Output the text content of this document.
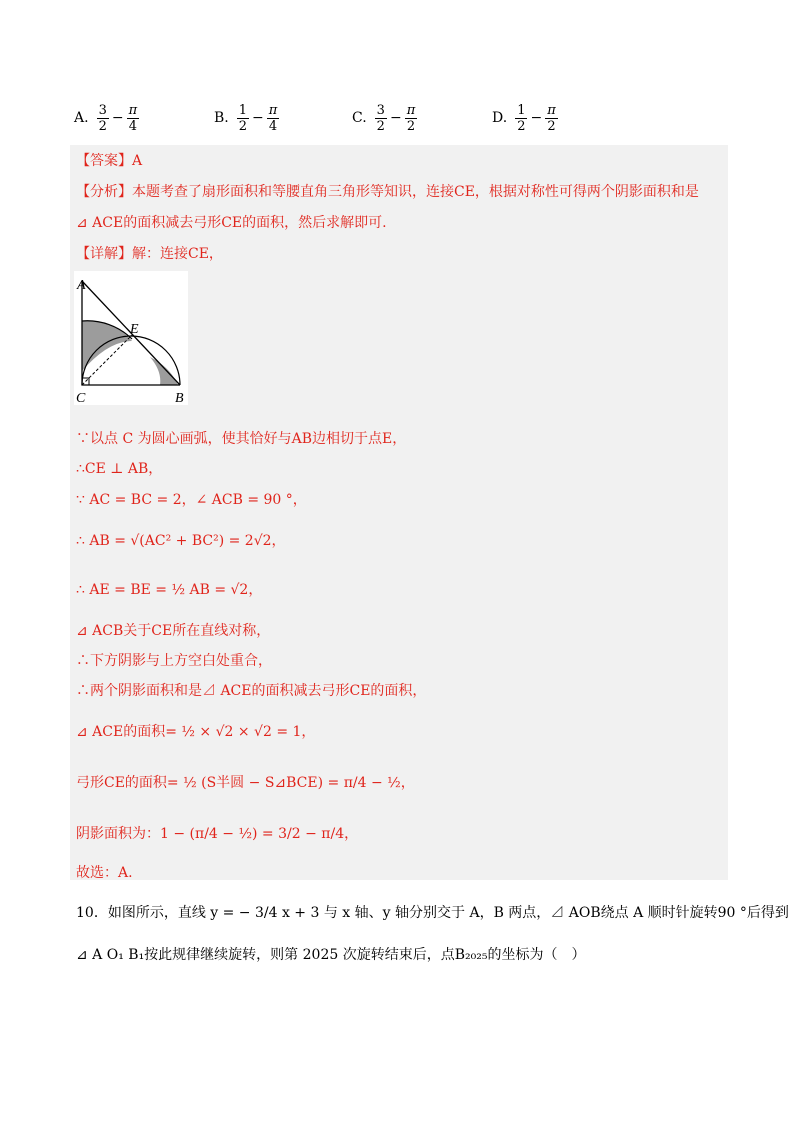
A. $\frac{3}{2} - \frac{\pi}{4}$	B. $\frac{1}{2} - \frac{\pi}{4}$	C. $\frac{3}{2} - \frac{\pi}{2}$	D. $\frac{1}{2} - \frac{\pi}{2}$
【答案】A
【分析】本题考查了扇形面积和等腰直角三角形等知识，连接CE，根据对称性可得两个阴影面积和是
⊿ ACE的面积减去弓形CE的面积，然后求解即可.
【详解】解：连接CE，
A
E
C	B
∵以点 C 为圆心画弧，使其恰好与AB边相切于点E，
∴CE ⊥ AB，
∵ AC = BC = 2，∠ ACB = 90 °，
∴ AB = √(AC² + BC²) = 2√2，
∴ AE = BE = ½ AB = √2，
⊿ ACB关于CE所在直线对称，
∴下方阴影与上方空白处重合，
∴两个阴影面积和是⊿ ACE的面积减去弓形CE的面积，
⊿ ACE的面积= ½ × √2 × √2 = 1，
弓形CE的面积= ½ (S半圆 − S⊿BCE) = π/4 − ½，
阴影面积为：1 − (π/4 − ½) = 3/2 − π/4，
故选：A.
10．如图所示，直线 y = − 3/4 x + 3 与 x 轴、y 轴分别交于 A，B 两点，⊿ AOB绕点 A 顺时针旋转90 °后得到
⊿ A O₁ B₁按此规律继续旋转，则第 2025 次旋转结束后，点B₂₀₂₅的坐标为（　）
